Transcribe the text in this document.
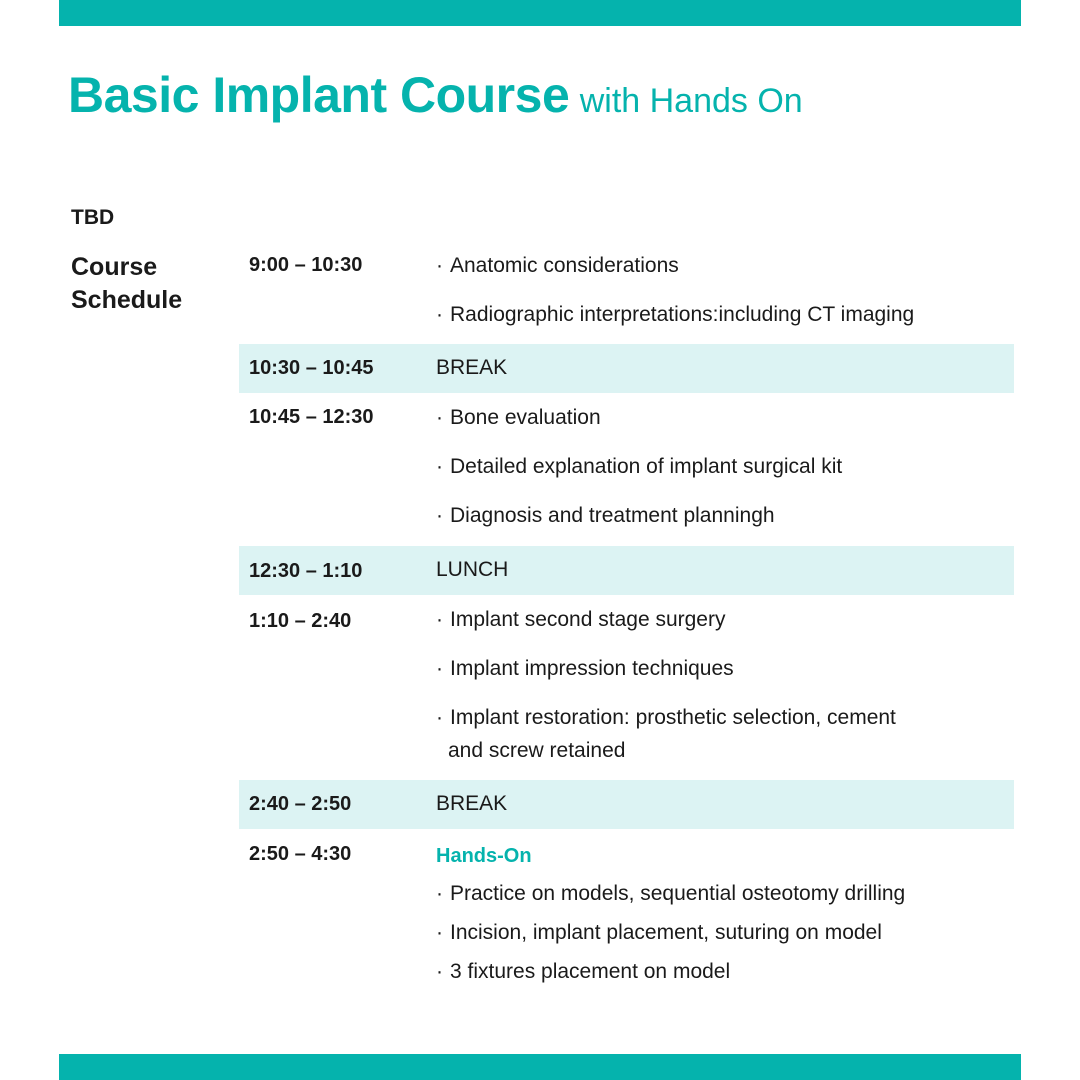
Basic Implant Course with Hands On
TBD
Course Schedule
9:00 – 10:30	· Anatomic considerations
· Radiographic interpretations:including CT imaging
10:30 – 10:45	BREAK
10:45 – 12:30	· Bone evaluation
· Detailed explanation of implant surgical kit
· Diagnosis and treatment planningh
12:30 – 1:10	LUNCH
1:10 – 2:40	· Implant second stage surgery
· Implant impression techniques
· Implant restoration: prosthetic selection, cement
and screw retained
2:40 – 2:50	BREAK
2:50 – 4:30	Hands-On
· Practice on models, sequential osteotomy drilling
· Incision, implant placement, suturing on model
· 3 fixtures placement on model
